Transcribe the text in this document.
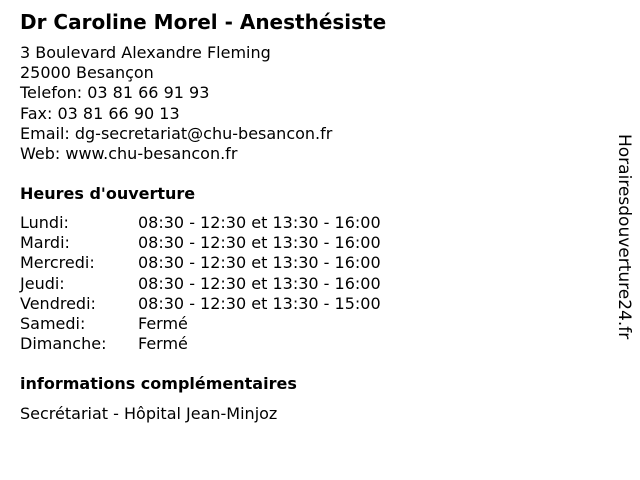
Dr Caroline Morel - Anesthésiste
3 Boulevard Alexandre Fleming
25000 Besançon
Telefon: 03 81 66 91 93
Fax: 03 81 66 90 13
Email: dg-secretariat@chu-besancon.fr
Web: www.chu-besancon.fr
Heures d'ouverture
Lundi:	08:30 - 12:30 et 13:30 - 16:00
Mardi:	08:30 - 12:30 et 13:30 - 16:00
Mercredi:	08:30 - 12:30 et 13:30 - 16:00
Jeudi:	08:30 - 12:30 et 13:30 - 16:00
Vendredi:	08:30 - 12:30 et 13:30 - 15:00
Samedi:	Fermé
Dimanche:	Fermé
informations complémentaires
Secrétariat - Hôpital Jean-Minjoz
Horairesdouverture24.fr
